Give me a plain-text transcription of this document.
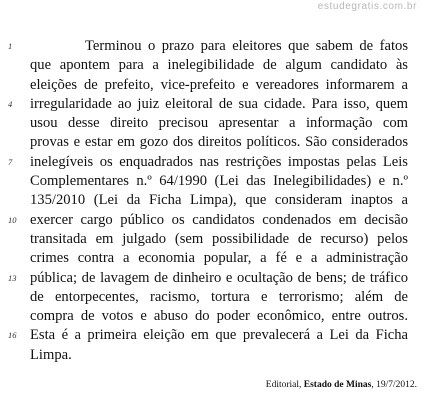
estudegratis.com.br
1	Terminou o prazo para eleitores que sabem de fatos
que apontem para a inelegibilidade de algum candidato às
eleições de prefeito, vice-prefeito e vereadores informarem a
4	irregularidade ao juiz eleitoral de sua cidade. Para isso, quem
usou desse direito precisou apresentar a informação com
provas e estar em gozo dos direitos políticos. São considerados
7	inelegíveis os enquadrados nas restrições impostas pelas Leis
Complementares n.º 64/1990 (Lei das Inelegibilidades) e n.º
135/2010 (Lei da Ficha Limpa), que consideram inaptos a
10 exercer cargo público os candidatos condenados em decisão
transitada em julgado (sem possibilidade de recurso) pelos
crimes contra a economia popular, a fé e a administração
13 pública; de lavagem de dinheiro e ocultação de bens; de tráfico
de entorpecentes, racismo, tortura e terrorismo; além de
compra de votos e abuso do poder econômico, entre outros.
16 Esta é a primeira eleição em que prevalecerá a Lei da Ficha
Limpa.
Editorial, Estado de Minas, 19/7/2012.
